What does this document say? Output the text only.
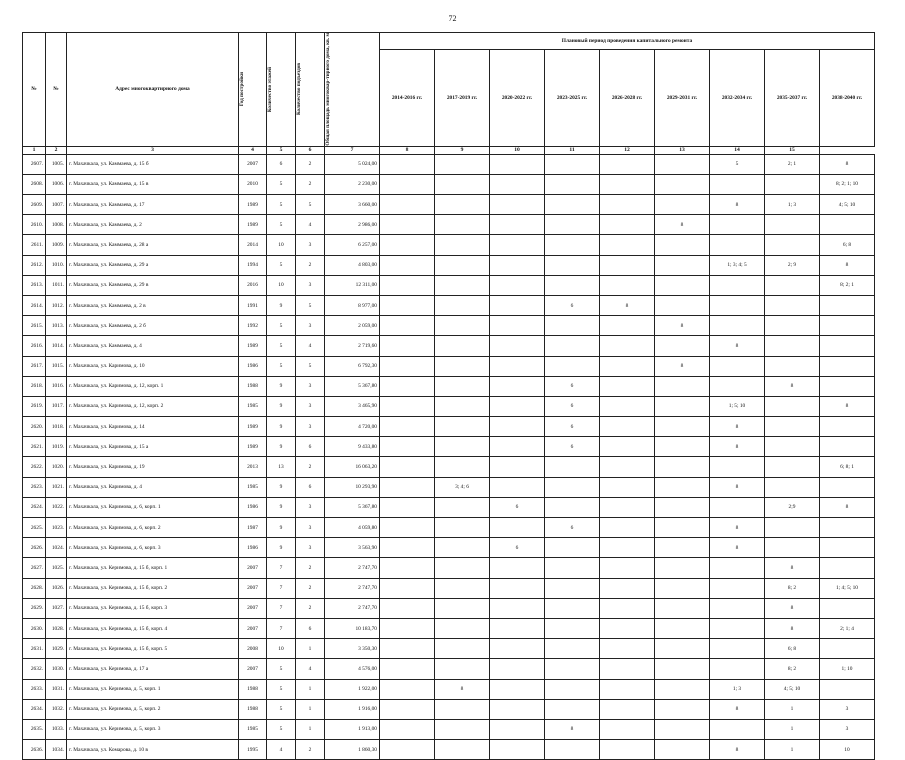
72
№	№	Адрес многоквартирного дома	Год постройки	Количество этажей	Количество подъездов	Общая площадь многоквар-тирного дома, кв. м	Плановый период проведения капитального ремонта								
							2014-2016 гг.	2017-2019 гг.	2020-2022 гг.	2023-2025 гг.	2026-2028 гг.	2029-2031 гг.	2032-2034 гг.	2035-2037 гг.	2038-2040 гг.
1	2	3	4	5	6	7	8	9	10	11	12	13	14	15	
2607.	1005.	г. Махачкала, ул. Каммаева, д. 15 б	2007	6	2	5 024,00							5	2; 1	8
2608.	1006.	г. Махачкала, ул. Каммаева, д. 15 в	2010	5	2	2 230,00									8; 2; 1; 10
2609.	1007.	г. Махачкала, ул. Каммаева, д. 17	1989	5	5	3 660,00							8	1; 3	4; 5; 10
2610.	1008.	г. Махачкала, ул. Каммаева, д. 2	1989	5	4	2 986,00						8			
2611.	1009.	г. Махачкала, ул. Каммаева, д. 28 а	2014	10	3	6 257,00									6; 8
2612.	1010.	г. Махачкала, ул. Каммаева, д. 29 а	1994	5	2	4 803,00							1; 3; 4; 5	2; 9	8
2613.	1011.	г. Махачкала, ул. Каммаева, д. 29 в	2016	10	3	12 311,00									8; 2; 1
2614.	1012.	г. Махачкала, ул. Каммаева, д. 2 в	1991	9	5	8 977,00				6	8				
2615.	1013.	г. Махачкала, ул. Каммаева, д. 2 б	1992	5	3	2 059,00						8			
2616.	1014.	г. Махачкала, ул. Каммаева, д. 4	1989	5	4	2 719,60							8		
2617.	1015.	г. Махачкала, ул. Каримова, д. 10	1986	5	5	6 792,30						8			
2618.	1016.	г. Махачкала, ул. Каримова, д. 12, корп. 1	1988	9	3	5 367,80				6				8	
2619.	1017.	г. Махачкала, ул. Каримова, д. 12, корп. 2	1985	9	3	3 465,90				6			1; 5; 10		8
2620.	1018.	г. Махачкала, ул. Каримова, д. 14	1989	9	3	4 720,00				6			8		
2621.	1019.	г. Махачкала, ул. Каримова, д. 15 а	1989	9	6	9 433,80				6			8		
2622.	1020.	г. Махачкала, ул. Каримова, д. 19	2013	13	2	16 063,20									6; 8; 1
2623.	1021.	г. Махачкала, ул. Каримова, д. 4	1985	9	6	10 293,90		3; 4; 6					8		
2624.	1022.	г. Махачкала, ул. Каримова, д. 6, корп. 1	1986	9	3	5 367,80			6					2;9	8
2625.	1023.	г. Махачкала, ул. Каримова, д. 6, корп. 2	1987	9	3	4 059,80				6			8		
2626.	1024.	г. Махачкала, ул. Каримова, д. 6, корп. 3	1986	9	3	3 563,90			6				8		
2627.	1025.	г. Махачкала, ул. Керимова, д. 15 б, корп. 1	2007	7	2	2 747,70								8	
2628.	1026.	г. Махачкала, ул. Керимова, д. 15 б, корп. 2	2007	7	2	2 747,70								8; 2	1; 4; 5; 10
2629.	1027.	г. Махачкала, ул. Керимова, д. 15 б, корп. 3	2007	7	2	2 747,70								8	
2630.	1028.	г. Махачкала, ул. Керимова, д. 15 б, корп. 4	2007	7	6	10 183,70								8	2; 1; 4
2631.	1029.	г. Махачкала, ул. Керимова, д. 15 б, корп. 5	2008	10	1	3 350,30								6; 8	
2632.	1030.	г. Махачкала, ул. Керимова, д. 17 а	2007	5	4	4 576,00								8; 2	1; 10
2633.	1031.	г. Махачкала, ул. Керимова, д. 5, корп. 1	1988	5	1	1 922,00		8					1; 3	4; 5; 10	
2634.	1032.	г. Махачкала, ул. Керимова, д. 5, корп. 2	1988	5	1	1 916,00							8	1	3
2635.	1033.	г. Махачкала, ул. Керимова, д. 5, корп. 3	1985	5	1	1 913,00				8				1	3
2636.	1034.	г. Махачкала, ул. Комарова, д. 10 в	1995	4	2	1 860,30							8	1	10
